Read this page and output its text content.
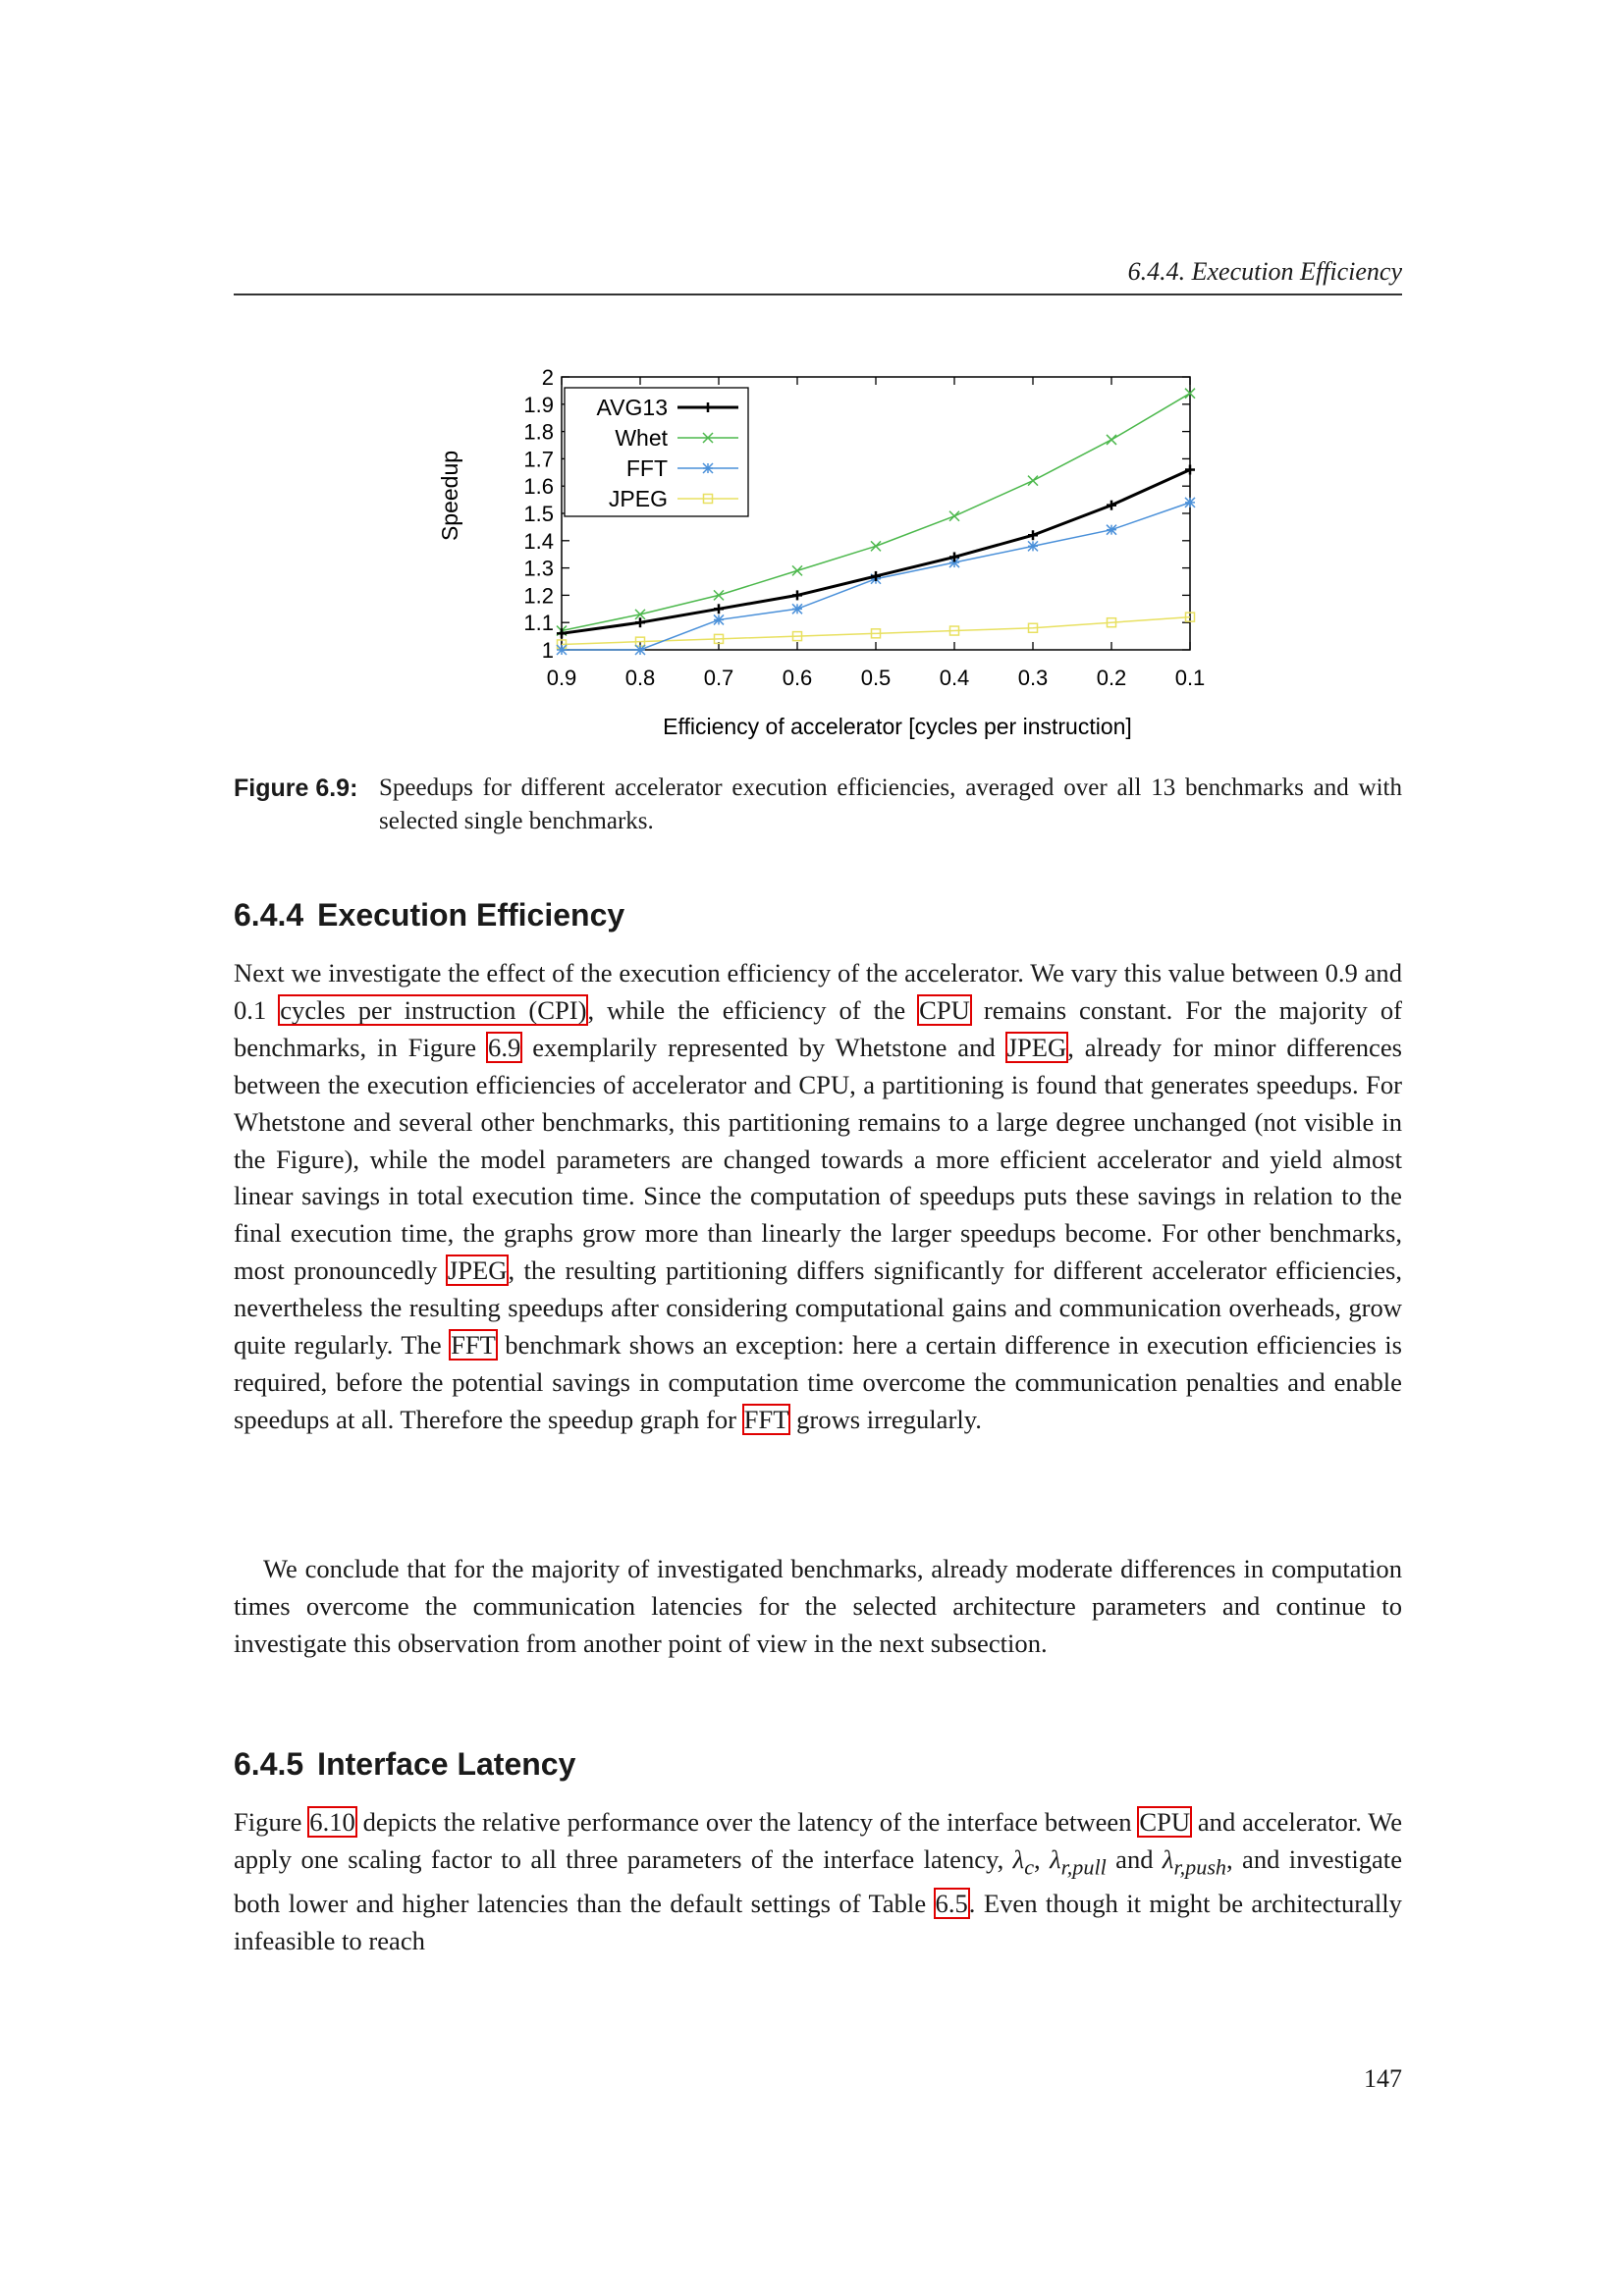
6.4.4. Execution Efficiency
1
1.1
1.2
1.3
1.4
1.5
1.6
1.7
1.8
1.9
2
0.9 0.8 0.7 0.6 0.5 0.4 0.3 0.2 0.1
Efficiency of accelerator [cycles per instruction]
Speedup
AVG13
Whet
FFT
JPEG
Figure 6.9: Speedups for different accelerator execution efficiencies, averaged over all 13 benchmarks and with selected single benchmarks.
6.4.4 Execution Efficiency

Next we investigate the effect of the execution efficiency of the accelerator. We vary this value between 0.9 and 0.1 cycles per instruction (CPI), while the efficiency of the CPU remains constant. For the majority of benchmarks, in Figure 6.9 exemplarily represented by Whetstone and JPEG, already for minor differences between the execution efficiencies of accelerator and CPU, a partitioning is found that generates speedups. For Whetstone and several other benchmarks, this partitioning remains to a large degree unchanged (not visible in the Figure), while the model parameters are changed towards a more efficient accelerator and yield almost linear savings in total execution time. Since the computation of speedups puts these savings in relation to the final execution time, the graphs grow more than linearly the larger speedups become. For other benchmarks, most pronouncedly JPEG, the resulting partitioning differs significantly for different accelerator efficiencies, nevertheless the resulting speedups after considering computational gains and communication overheads, grow quite regularly. The FFT benchmark shows an exception: here a certain difference in execution efficiencies is required, before the potential savings in computation time overcome the communication penalties and enable speedups at all. Therefore the speedup graph for FFT grows irregularly.

We conclude that for the majority of investigated benchmarks, already moderate differences in computation times overcome the communication latencies for the selected architecture parameters and continue to investigate this observation from another point of view in the next subsection.

6.4.5 Interface Latency

Figure 6.10 depicts the relative performance over the latency of the interface between CPU and accelerator. We apply one scaling factor to all three parameters of the interface latency, $\lambda_c$, $\lambda_{r,pull}$ and $\lambda_{r,push}$, and investigate both lower and higher latencies than the default settings of Table 6.5. Even though it might be architecturally infeasible to reach

147
